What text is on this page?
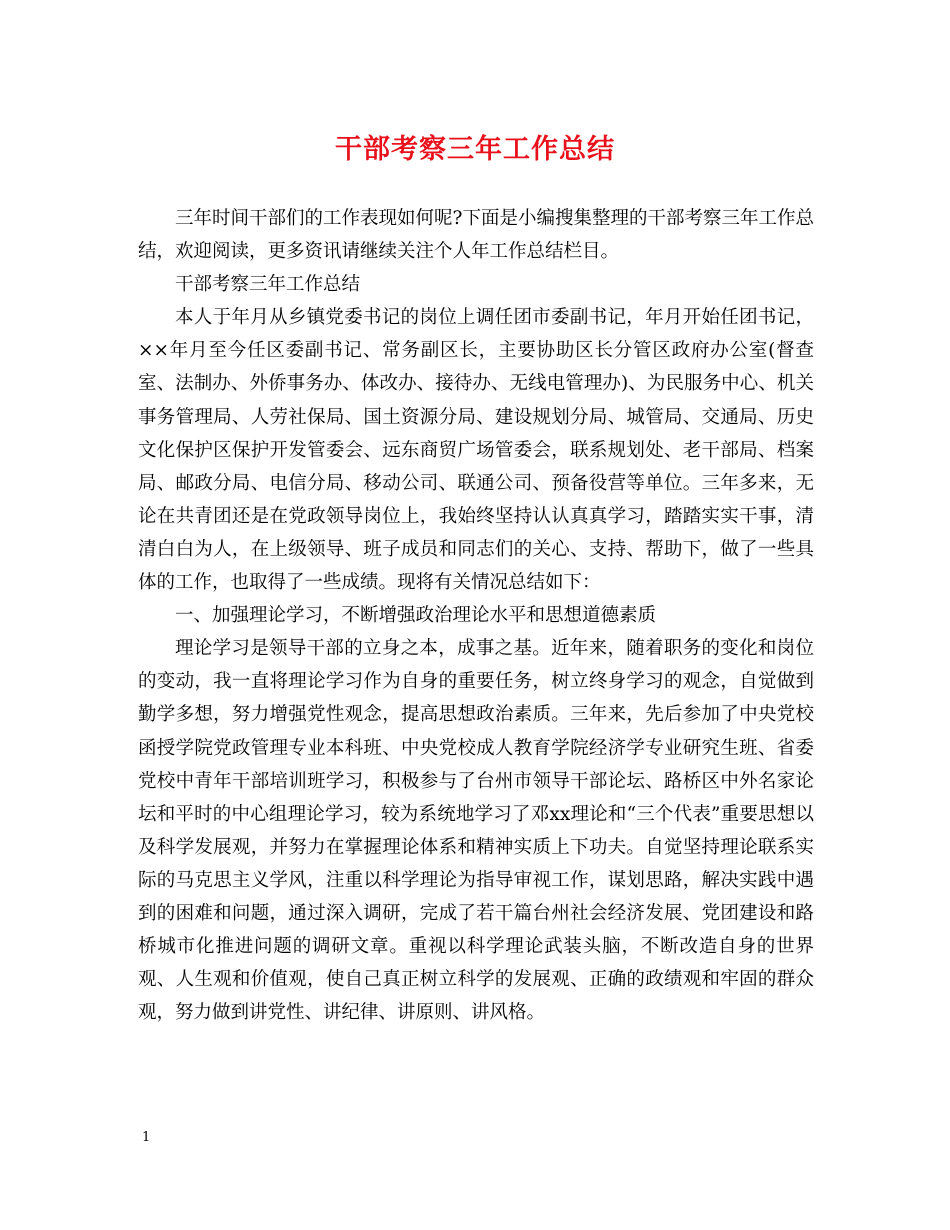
干部考察三年工作总结

三年时间干部们的工作表现如何呢?下面是小编搜集整理的干部考察三年工作总结，欢迎阅读，更多资讯请继续关注个人年工作总结栏目。

干部考察三年工作总结

本人于年月从乡镇党委书记的岗位上调任团市委副书记，年月开始任团书记，××年月至今任区委副书记、常务副区长，主要协助区长分管区政府办公室(督查室、法制办、外侨事务办、体改办、接待办、无线电管理办)、为民服务中心、机关事务管理局、人劳社保局、国土资源分局、建设规划分局、城管局、交通局、历史文化保护区保护开发管委会、远东商贸广场管委会，联系规划处、老干部局、档案局、邮政分局、电信分局、移动公司、联通公司、预备役营等单位。三年多来，无论在共青团还是在党政领导岗位上，我始终坚持认认真真学习，踏踏实实干事，清清白白为人，在上级领导、班子成员和同志们的关心、支持、帮助下，做了一些具体的工作，也取得了一些成绩。现将有关情况总结如下：

一、加强理论学习，不断增强政治理论水平和思想道德素质

理论学习是领导干部的立身之本，成事之基。近年来，随着职务的变化和岗位的变动，我一直将理论学习作为自身的重要任务，树立终身学习的观念，自觉做到勤学多想，努力增强党性观念，提高思想政治素质。三年来，先后参加了中央党校函授学院党政管理专业本科班、中央党校成人教育学院经济学专业研究生班、省委党校中青年干部培训班学习，积极参与了台州市领导干部论坛、路桥区中外名家论坛和平时的中心组理论学习，较为系统地学习了邓xx理论和“三个代表”重要思想以及科学发展观，并努力在掌握理论体系和精神实质上下功夫。自觉坚持理论联系实际的马克思主义学风，注重以科学理论为指导审视工作，谋划思路，解决实践中遇到的困难和问题，通过深入调研，完成了若干篇台州社会经济发展、党团建设和路桥城市化推进问题的调研文章。重视以科学理论武装头脑，不断改造自身的世界观、人生观和价值观，使自己真正树立科学的发展观、正确的政绩观和牢固的群众观，努力做到讲党性、讲纪律、讲原则、讲风格。

1
